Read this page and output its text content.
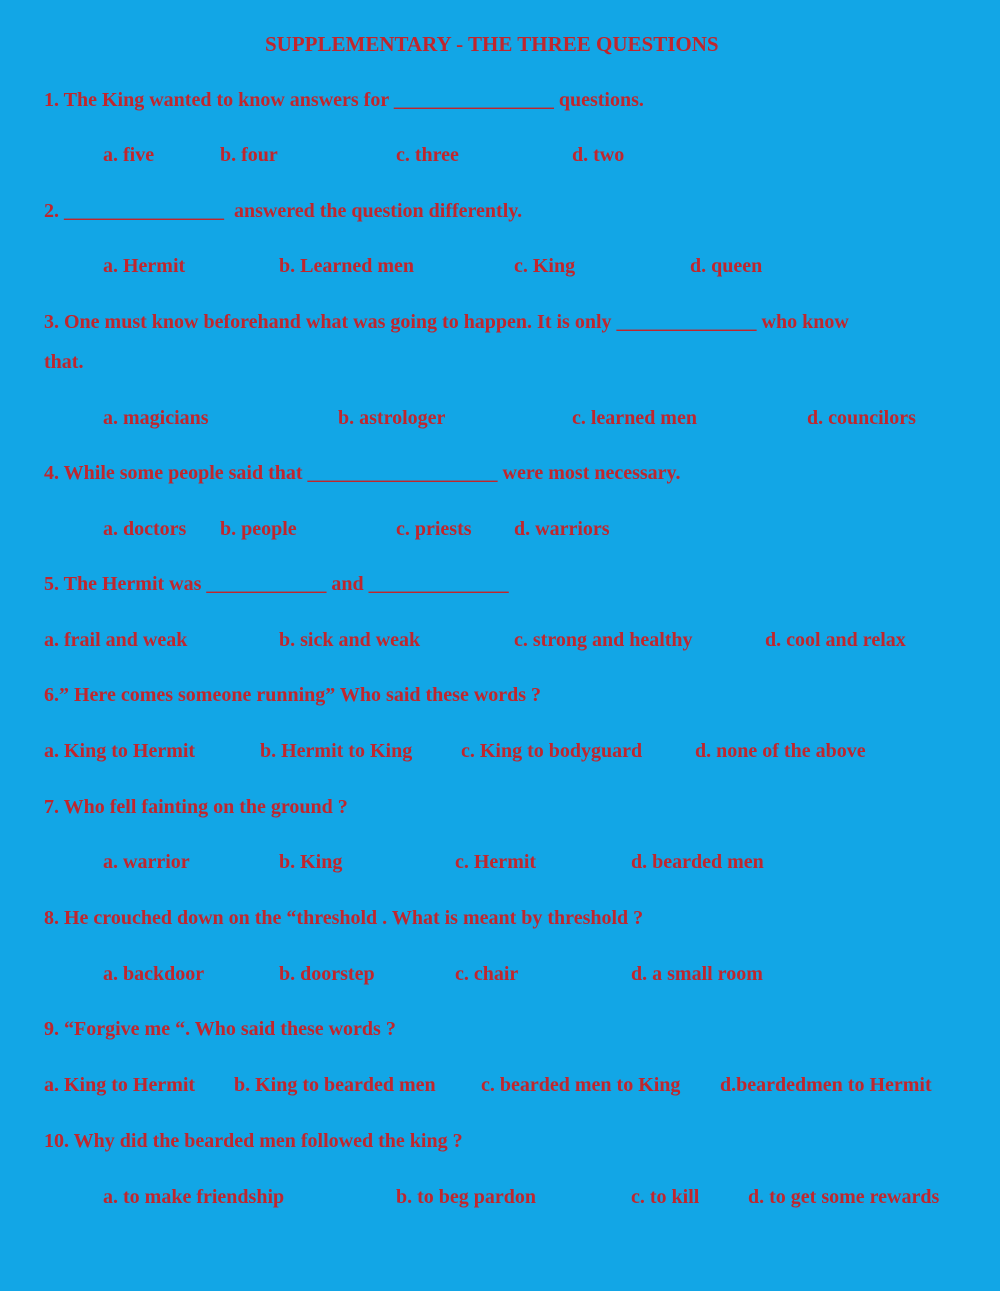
SUPPLEMENTARY - THE THREE QUESTIONS
1. The King wanted to know answers for ________________ questions.
a. five	b. four	c. three	d. two
2. ________________  answered the question differently.
a. Hermit	b. Learned men	c. King	d. queen
3. One must know beforehand what was going to happen. It is only ______________ who know
that.
a. magicians	b. astrologer	c. learned men	d. councilors
4. While some people said that ___________________ were most necessary.
a. doctors b. people	c. priests d. warriors
5. The Hermit was ____________ and ______________
a. frail and weak	b. sick and weak	c. strong and healthy	d. cool and relax
6.” Here comes someone running” Who said these words ?
a. King to Hermit	b. Hermit to King c. King to bodyguard	d. none of the above
7. Who fell fainting on the ground ?
a. warrior	b. King	c. Hermit	d. bearded men
8. He crouched down on the “threshold . What is meant by threshold ?
a. backdoor	b. doorstep	c. chair	d. a small room
9. “Forgive me “. Who said these words ?
a. King to Hermit b. King to bearded men c. bearded men to King d.beardedmen to Hermit
10. Why did the bearded men followed the king ?
a. to make friendship	b. to beg pardon	c. to kill d. to get some rewards
